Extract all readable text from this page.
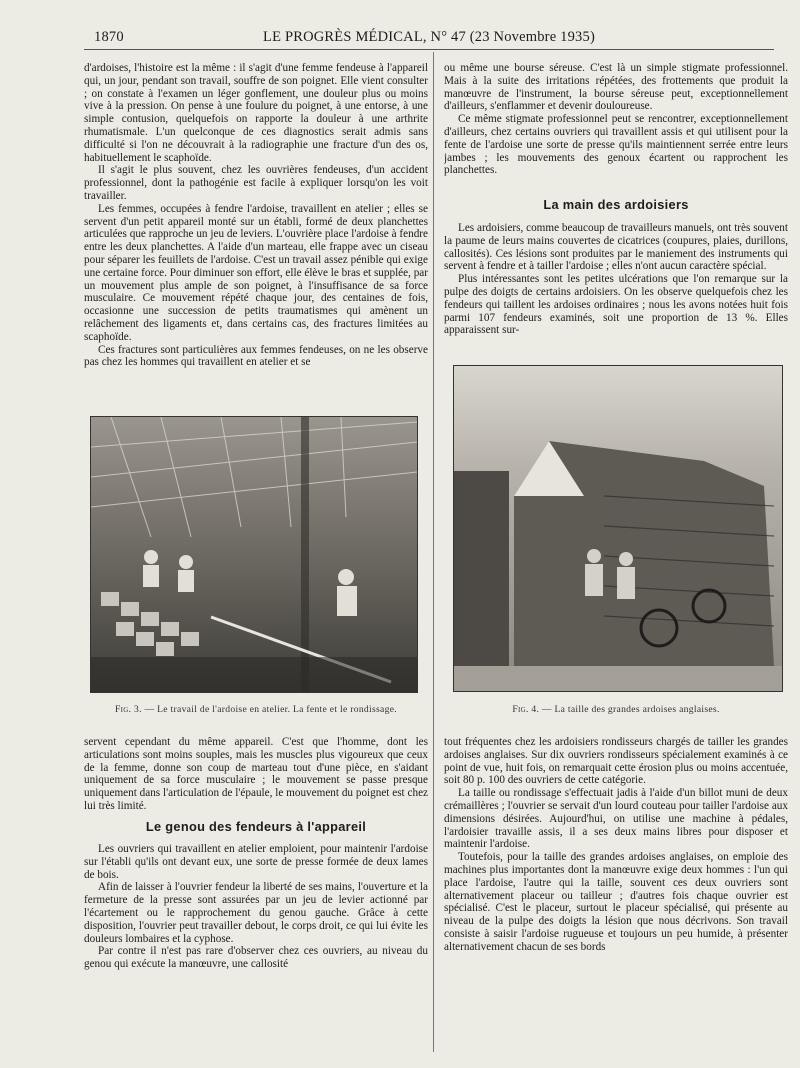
1870	LE PROGRÈS MÉDICAL, N° 47 (23 Novembre 1935)

d'ardoises, l'histoire est la même : il s'agit d'une femme fendeuse à l'appareil qui, un jour, pendant son travail, souffre de son poignet. Elle vient consulter ; on constate à l'examen un léger gonflement, une douleur plus ou moins vive à la pression. On pense à une foulure du poignet, à une entorse, à une simple contusion, quelquefois on rapporte la douleur à une arthrite rhumatismale. L'un quelconque de ces diagnostics serait admis sans difficulté si l'on ne découvrait à la radiographie une fracture d'un des os, habituellement le scaphoïde.

Il s'agit le plus souvent, chez les ouvrières fendeuses, d'un accident professionnel, dont la pathogénie est facile à expliquer lorsqu'on les voit travailler.

Les femmes, occupées à fendre l'ardoise, travaillent en atelier ; elles se servent d'un petit appareil monté sur un établi, formé de deux planchettes articulées que rapproche un jeu de leviers. L'ouvrière place l'ardoise à fendre entre les deux planchettes. A l'aide d'un marteau, elle frappe avec un ciseau pour séparer les feuillets de l'ardoise. C'est un travail assez pénible qui exige une certaine force. Pour diminuer son effort, elle élève le bras et supplée, par un mouvement plus ample de son poignet, à l'insuffisance de sa force musculaire. Ce mouvement répété chaque jour, des centaines de fois, occasionne une succession de petits traumatismes qui amènent un relâchement des ligaments et, dans certains cas, des fractures limitées au scaphoïde.

Ces fractures sont particulières aux femmes fendeuses, on ne les observe pas chez les hommes qui travaillent en atelier et se

ou même une bourse séreuse. C'est là un simple stigmate professionnel. Mais à la suite des irritations répétées, des frottements que produit la manœuvre de l'instrument, la bourse séreuse peut, exceptionnellement d'ailleurs, s'enflammer et devenir douloureuse.

Ce même stigmate professionnel peut se rencontrer, exceptionnellement d'ailleurs, chez certains ouvriers qui travaillent assis et qui utilisent pour la fente de l'ardoise une sorte de presse qu'ils maintiennent serrée entre leurs jambes ; les mouvements des genoux écartent ou rapprochent les planchettes.

La main des ardoisiers

Les ardoisiers, comme beaucoup de travailleurs manuels, ont très souvent la paume de leurs mains couvertes de cicatrices (coupures, plaies, durillons, callosités). Ces lésions sont produites par le maniement des instruments qui servent à fendre et à tailler l'ardoise ; elles n'ont aucun caractère spécial.

Plus intéressantes sont les petites ulcérations que l'on remarque sur la pulpe des doigts de certains ardoisiers. On les observe quelquefois chez les fendeurs qui taillent les ardoises ordinaires ; nous les avons notées huit fois parmi 107 fendeurs examinés, soit une proportion de 13 %. Elles apparaissent sur-

Fig. 3. — Le travail de l'ardoise en atelier. La fente et le rondissage.	Fig. 4. — La taille des grandes ardoises anglaises.

servent cependant du même appareil. C'est que l'homme, dont les articulations sont moins souples, mais les muscles plus vigoureux que ceux de la femme, donne son coup de marteau tout d'une pièce, en s'aidant uniquement de sa force musculaire ; le mouvement se passe presque uniquement dans l'articulation de l'épaule, le mouvement du poignet est chez lui très limité.

Le genou des fendeurs à l'appareil

Les ouvriers qui travaillent en atelier emploient, pour maintenir l'ardoise sur l'établi qu'ils ont devant eux, une sorte de presse formée de deux lames de bois.

Afin de laisser à l'ouvrier fendeur la liberté de ses mains, l'ouverture et la fermeture de la presse sont assurées par un jeu de levier actionné par l'écartement ou le rapprochement du genou gauche. Grâce à cette disposition, l'ouvrier peut travailler debout, le corps droit, ce qui lui évite les douleurs lombaires et la cyphose.

Par contre il n'est pas rare d'observer chez ces ouvriers, au niveau du genou qui exécute la manœuvre, une callosité

tout fréquentes chez les ardoisiers rondisseurs chargés de tailler les grandes ardoises anglaises. Sur dix ouvriers rondisseurs spécialement examinés à ce point de vue, huit fois, on remarquait cette érosion plus ou moins accentuée, soit 80 p. 100 des ouvriers de cette catégorie.

La taille ou rondissage s'effectuait jadis à l'aide d'un billot muni de deux crémaillères ; l'ouvrier se servait d'un lourd couteau pour tailler l'ardoise aux dimensions désirées. Aujourd'hui, on utilise une machine à pédales, l'ardoisier travaille assis, il a ses deux mains libres pour disposer et maintenir l'ardoise.

Toutefois, pour la taille des grandes ardoises anglaises, on emploie des machines plus importantes dont la manœuvre exige deux hommes : l'un qui place l'ardoise, l'autre qui la taille, souvent ces deux ouvriers sont alternativement placeur ou tailleur ; d'autres fois chaque ouvrier est spécialisé. C'est le placeur, surtout le placeur spécialisé, qui présente au niveau de la pulpe des doigts la lésion que nous décrivons. Son travail consiste à saisir l'ardoise rugueuse et toujours un peu humide, à présenter alternativement chacun de ses bords
